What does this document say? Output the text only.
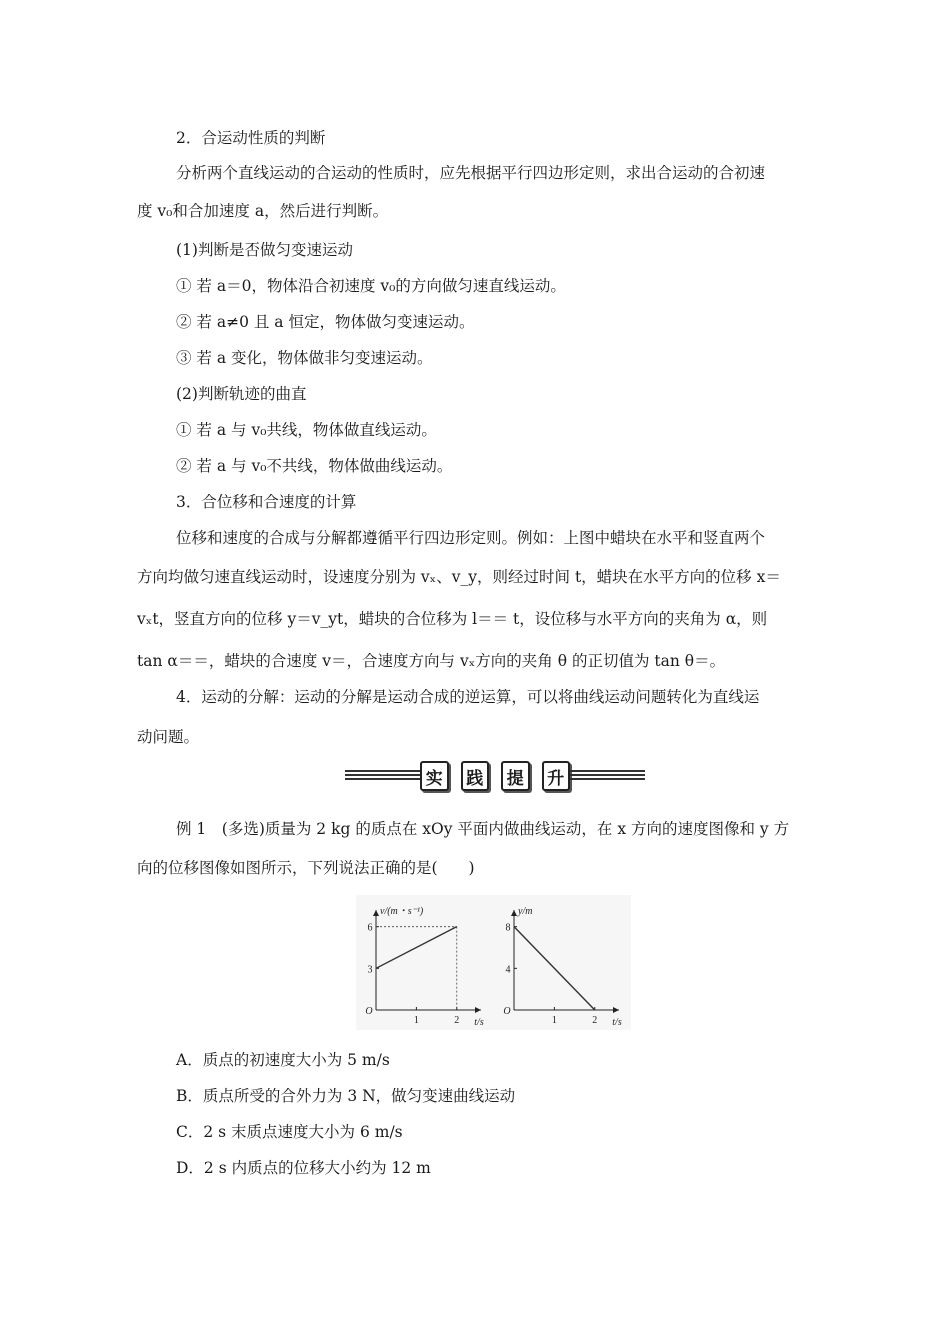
2．合运动性质的判断
分析两个直线运动的合运动的性质时，应先根据平行四边形定则，求出合运动的合初速
度 v₀和合加速度 a，然后进行判断。
(1)判断是否做匀变速运动
① 若 a＝0，物体沿合初速度 v₀的方向做匀速直线运动。
② 若 a≠0 且 a 恒定，物体做匀变速运动。
③ 若 a 变化，物体做非匀变速运动。
(2)判断轨迹的曲直
① 若 a 与 v₀共线，物体做直线运动。
② 若 a 与 v₀不共线，物体做曲线运动。
3．合位移和合速度的计算
位移和速度的合成与分解都遵循平行四边形定则。例如：上图中蜡块在水平和竖直两个
方向均做匀速直线运动时，设速度分别为 vₓ、v_y，则经过时间 t，蜡块在水平方向的位移 x＝
vₓt，竖直方向的位移 y＝v_yt，蜡块的合位移为 l＝＝ t，设位移与水平方向的夹角为 α，则
tan α＝＝，蜡块的合速度 v＝，合速度方向与 vₓ方向的夹角 θ 的正切值为 tan θ＝。
4．运动的分解：运动的分解是运动合成的逆运算，可以将曲线运动问题转化为直线运
动问题。
实	践	提	升
例 1　(多选)质量为 2 kg 的质点在 xOy 平面内做曲线运动，在 x 方向的速度图像和 y 方
向的位移图像如图所示，下列说法正确的是(　　)
O
v/(m・s⁻¹)
t/s
1	2
3
6
O
y/m
t/s
1	2
4
8
A．质点的初速度大小为 5 m/s
B．质点所受的合外力为 3 N，做匀变速曲线运动
C．2 s 末质点速度大小为 6 m/s
D．2 s 内质点的位移大小约为 12 m
